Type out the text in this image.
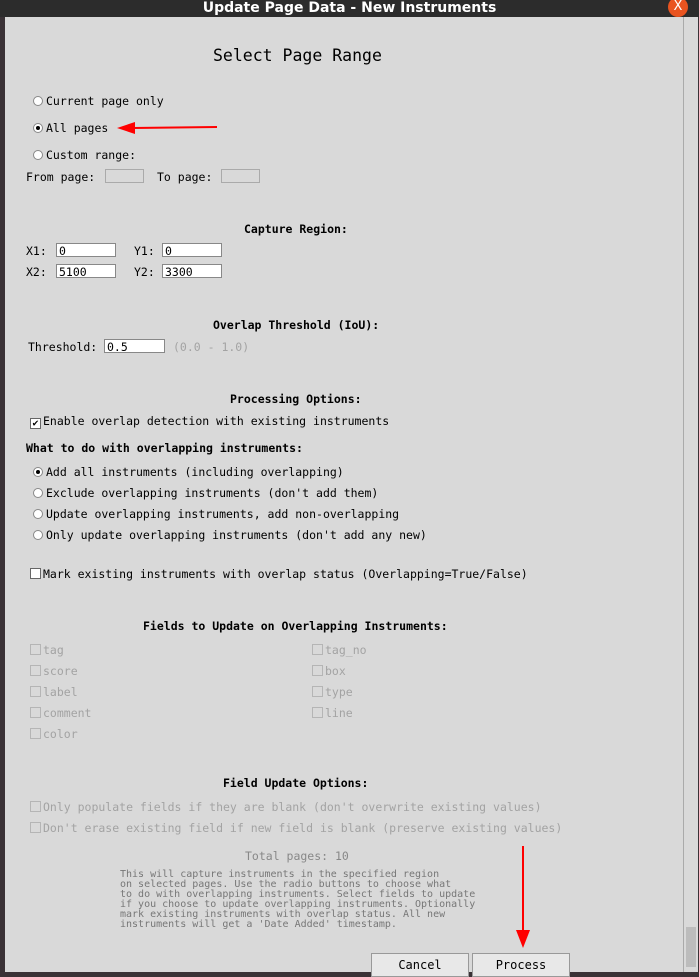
Update Page Data - New Instruments	X
Select Page Range
Current page only
All pages
Custom range:
From page:	To page:
Capture Region:
X1: 0	Y1: 0
X2: 5100	Y2: 3300
Overlap Threshold (IoU):
Threshold: 0.5	(0.0 - 1.0)
Processing Options:
✔ Enable overlap detection with existing instruments
What to do with overlapping instruments:
Add all instruments (including overlapping)
Exclude overlapping instruments (don't add them)
Update overlapping instruments, add non-overlapping
Only update overlapping instruments (don't add any new)
Mark existing instruments with overlap status (Overlapping=True/False)
Fields to Update on Overlapping Instruments:
tag
score
label
comment
color
tag_no
box
type
line
Field Update Options:
Only populate fields if they are blank (don't overwrite existing values)
Don't erase existing field if new field is blank (preserve existing values)
Total pages: 10
This will capture instruments in the specified region
on selected pages. Use the radio buttons to choose what
to do with overlapping instruments. Select fields to update
if you choose to update overlapping instruments. Optionally
mark existing instruments with overlap status. All new
instruments will get a 'Date Added' timestamp.
Cancel	Process
